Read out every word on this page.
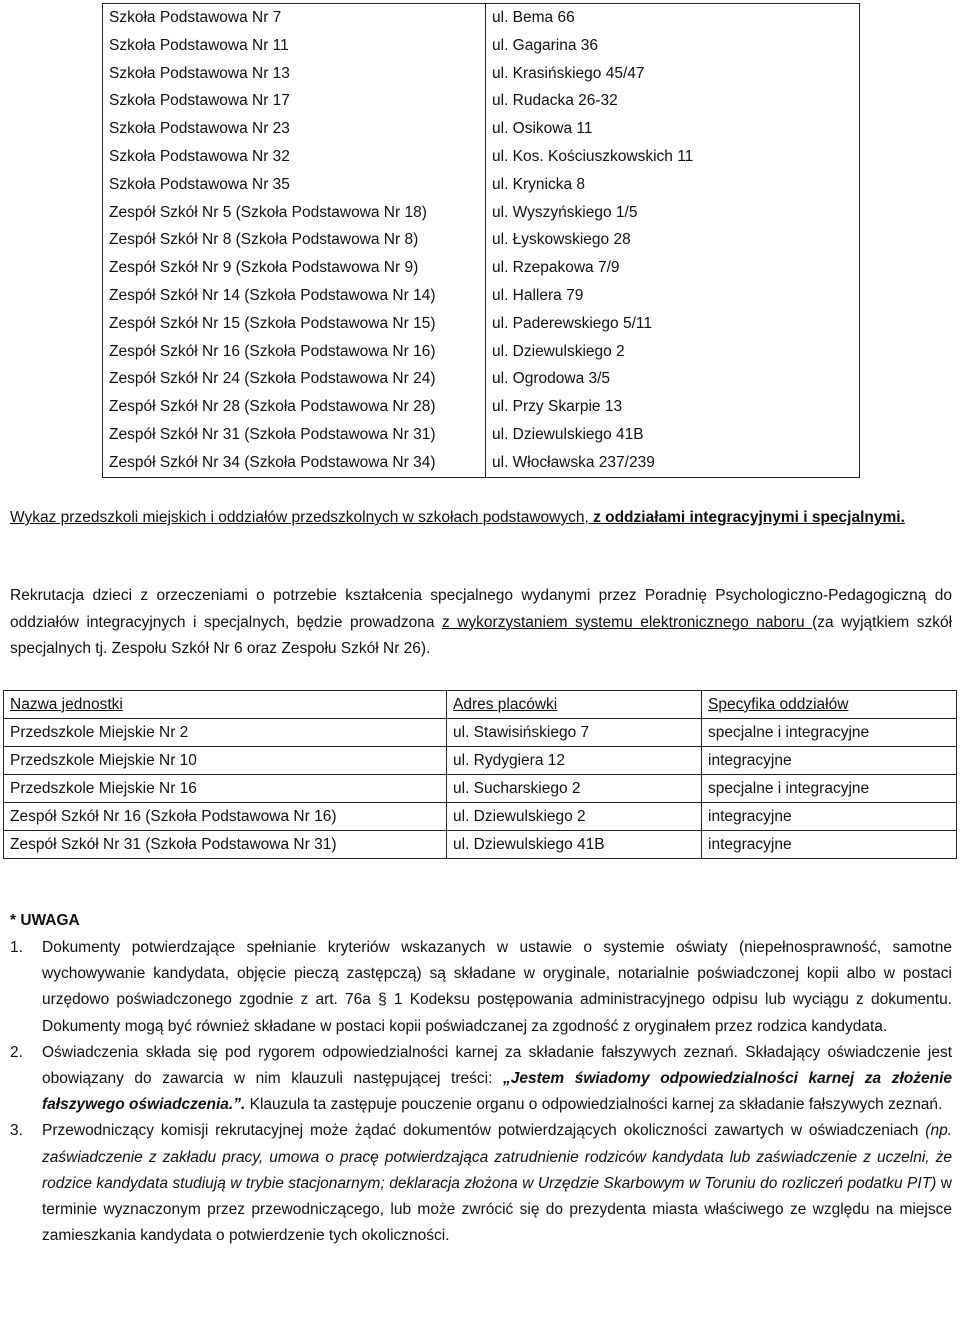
Szkoła Podstawowa Nr 7	ul. Bema 66
Szkoła Podstawowa Nr 11	ul. Gagarina 36
Szkoła Podstawowa Nr 13	ul. Krasińskiego 45/47
Szkoła Podstawowa Nr 17	ul. Rudacka 26-32
Szkoła Podstawowa Nr 23	ul. Osikowa 11
Szkoła Podstawowa Nr 32	ul. Kos. Kościuszkowskich 11
Szkoła Podstawowa Nr 35	ul. Krynicka 8
Zespół Szkół Nr 5 (Szkoła Podstawowa Nr 18)	ul. Wyszyńskiego 1/5
Zespół Szkół Nr 8 (Szkoła Podstawowa Nr 8)	ul. Łyskowskiego 28
Zespół Szkół Nr 9 (Szkoła Podstawowa Nr 9)	ul. Rzepakowa 7/9
Zespół Szkół Nr 14 (Szkoła Podstawowa Nr 14)	ul. Hallera 79
Zespół Szkół Nr 15 (Szkoła Podstawowa Nr 15)	ul. Paderewskiego 5/11
Zespół Szkół Nr 16 (Szkoła Podstawowa Nr 16)	ul. Dziewulskiego 2
Zespół Szkół Nr 24 (Szkoła Podstawowa Nr 24)	ul. Ogrodowa 3/5
Zespół Szkół Nr 28 (Szkoła Podstawowa Nr 28)	ul. Przy Skarpie 13
Zespół Szkół Nr 31 (Szkoła Podstawowa Nr 31)	ul. Dziewulskiego 41B
Zespół Szkół Nr 34 (Szkoła Podstawowa Nr 34)	ul. Włocławska 237/239
Wykaz przedszkoli miejskich i oddziałów przedszkolnych w szkołach podstawowych, z oddziałami integracyjnymi i specjalnymi.
Rekrutacja dzieci z orzeczeniami o potrzebie kształcenia specjalnego wydanymi przez Poradnię Psychologiczno-Pedagogiczną do oddziałów integracyjnych i specjalnych, będzie prowadzona z wykorzystaniem systemu elektronicznego naboru (za wyjątkiem szkół specjalnych tj. Zespołu Szkół Nr 6 oraz Zespołu Szkół Nr 26).
Nazwa jednostki	Adres placówki	Specyfika oddziałów
Przedszkole Miejskie Nr 2	ul. Stawisińskiego 7	specjalne i integracyjne
Przedszkole Miejskie Nr 10	ul. Rydygiera 12	integracyjne
Przedszkole Miejskie Nr 16	ul. Sucharskiego 2	specjalne i integracyjne
Zespół Szkół Nr 16 (Szkoła Podstawowa Nr 16)	ul. Dziewulskiego 2	integracyjne
Zespół Szkół Nr 31 (Szkoła Podstawowa Nr 31)	ul. Dziewulskiego 41B	integracyjne
* UWAGA
1. Dokumenty potwierdzające spełnianie kryteriów wskazanych w ustawie o systemie oświaty (niepełnosprawność, samotne wychowywanie kandydata, objęcie pieczą zastępczą) są składane w oryginale, notarialnie poświadczonej kopii albo w postaci urzędowo poświadczonego zgodnie z art. 76a § 1 Kodeksu postępowania administracyjnego odpisu lub wyciągu z dokumentu. Dokumenty mogą być również składane w postaci kopii poświadczanej za zgodność z oryginałem przez rodzica kandydata.
2. Oświadczenia składa się pod rygorem odpowiedzialności karnej za składanie fałszywych zeznań. Składający oświadczenie jest obowiązany do zawarcia w nim klauzuli następującej treści: „Jestem świadomy odpowiedzialności karnej za złożenie fałszywego oświadczenia.”. Klauzula ta zastępuje pouczenie organu o odpowiedzialności karnej za składanie fałszywych zeznań.
3. Przewodniczący komisji rekrutacyjnej może żądać dokumentów potwierdzających okoliczności zawartych w oświadczeniach (np. zaświadczenie z zakładu pracy, umowa o pracę potwierdzająca zatrudnienie rodziców kandydata lub zaświadczenie z uczelni, że rodzice kandydata studiują w trybie stacjonarnym; deklaracja złożona w Urzędzie Skarbowym w Toruniu do rozliczeń podatku PIT) w terminie wyznaczonym przez przewodniczącego, lub może zwrócić się do prezydenta miasta właściwego ze względu na miejsce zamieszkania kandydata o potwierdzenie tych okoliczności.
